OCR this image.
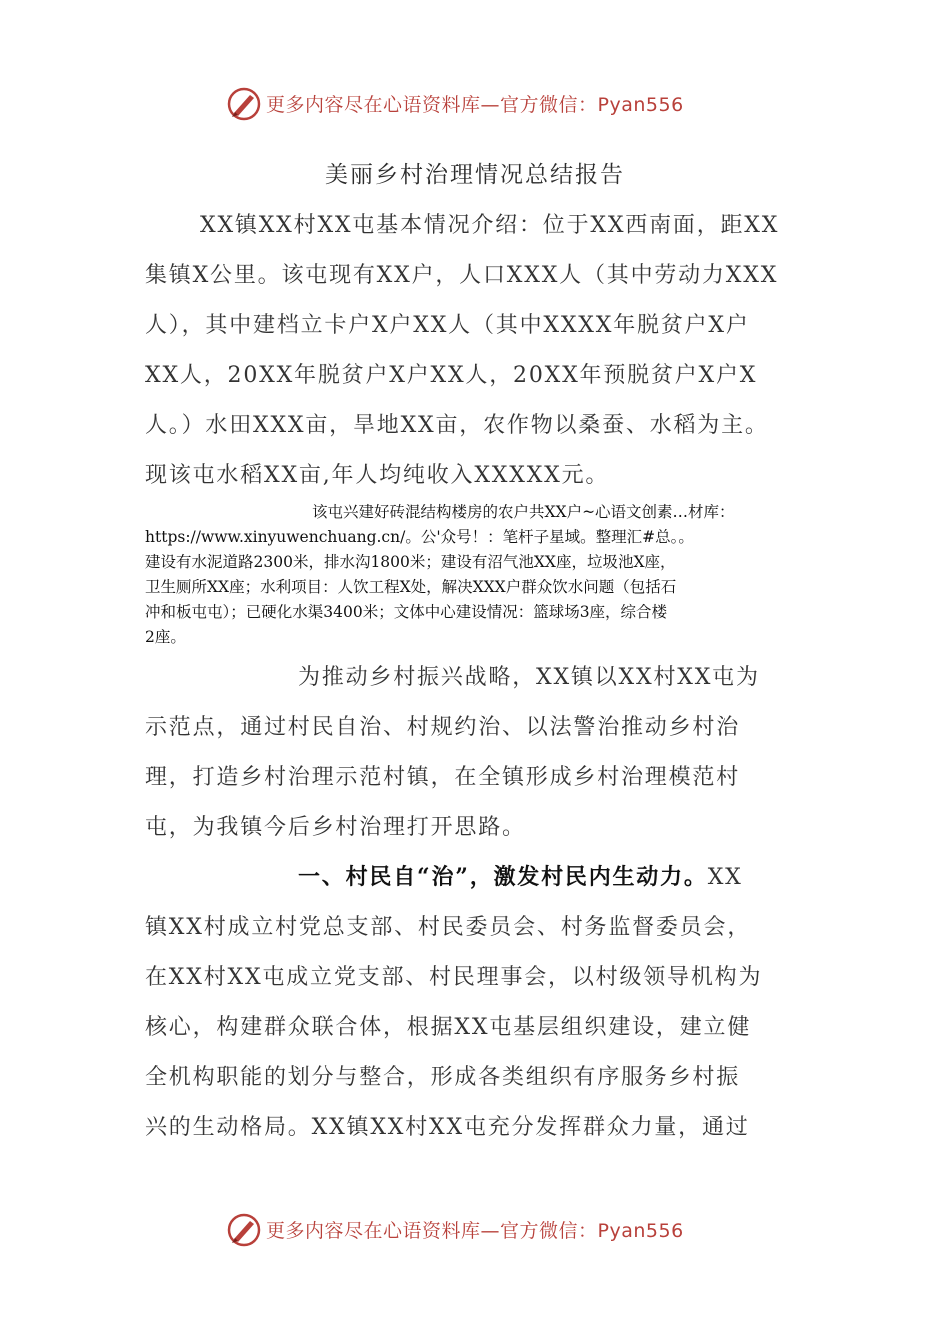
更多内容尽在心语资料库—官方微信：Pyan556
美丽乡村治理情况总结报告
XX镇XX村XX屯基本情况介绍：位于XX西南面，距XX
集镇X公里。该屯现有XX户，人口XXX人（其中劳动力XXX
人），其中建档立卡户X户XX人（其中XXXX年脱贫户X户
XX人，20XX年脱贫户X户XX人，20XX年预脱贫户X户X
人。）水田XXX亩，旱地XX亩，农作物以桑蚕、水稻为主。
现该屯水稻XX亩,年人均纯收入XXXXX元。
该屯兴建好砖混结构楼房的农户共XX户~心语文创素…材库：
https://www.xinyuwenchuang.cn/。公'众号！：笔杆子星域。整理汇#总。。
建设有水泥道路2300米，排水沟1800米；建设有沼气池XX座，垃圾池X座，
卫生厕所XX座；水利项目：人饮工程X处，解决XXX户群众饮水问题（包括石
冲和板屯屯）；已硬化水渠3400米；文体中心建设情况：篮球场3座，综合楼
2座。
为推动乡村振兴战略，XX镇以XX村XX屯为
示范点，通过村民自治、村规约治、以法警治推动乡村治
理，打造乡村治理示范村镇，在全镇形成乡村治理模范村
屯，为我镇今后乡村治理打开思路。
一、村民自“治”，激发村民内生动力。XX
镇XX村成立村党总支部、村民委员会、村务监督委员会，
在XX村XX屯成立党支部、村民理事会，以村级领导机构为
核心，构建群众联合体，根据XX屯基层组织建设，建立健
全机构职能的划分与整合，形成各类组织有序服务乡村振
兴的生动格局。XX镇XX村XX屯充分发挥群众力量，通过
更多内容尽在心语资料库—官方微信：Pyan556
